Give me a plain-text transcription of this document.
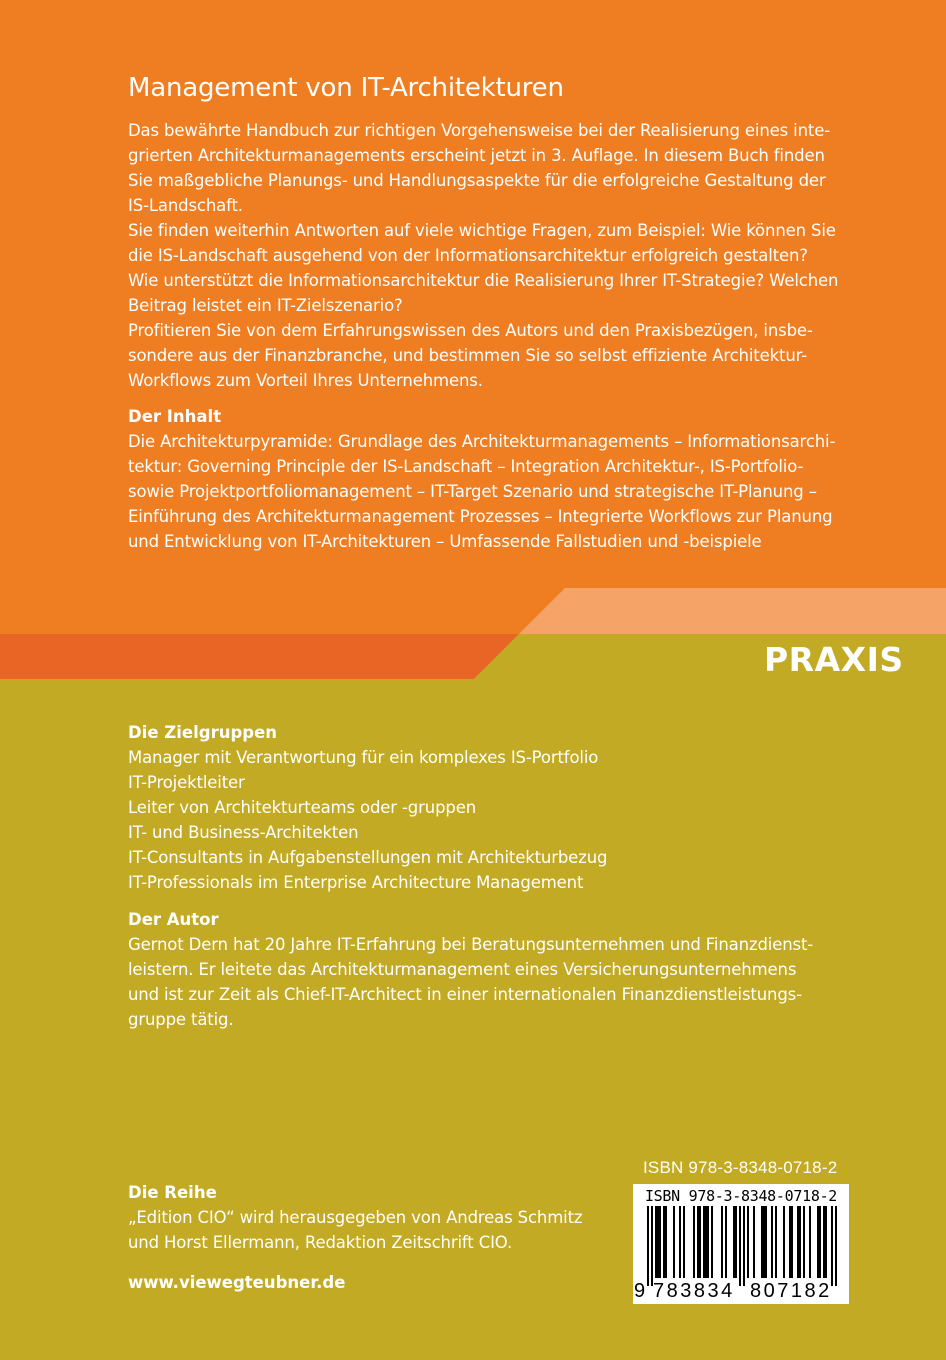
Management von IT-Architekturen
Das bewährte Handbuch zur richtigen Vorgehensweise bei der Realisierung eines inte-
grierten Architekturmanagements erscheint jetzt in 3. Auflage. In diesem Buch finden
Sie maßgebliche Planungs- und Handlungsaspekte für die erfolgreiche Gestaltung der
IS-Landschaft.
Sie finden weiterhin Antworten auf viele wichtige Fragen, zum Beispiel: Wie können Sie
die IS-Landschaft ausgehend von der Informationsarchitektur erfolgreich gestalten?
Wie unterstützt die Informationsarchitektur die Realisierung Ihrer IT-Strategie? Welchen
Beitrag leistet ein IT-Zielszenario?
Profitieren Sie von dem Erfahrungswissen des Autors und den Praxisbezügen, insbe-
sondere aus der Finanzbranche, und bestimmen Sie so selbst effiziente Architektur-
Workflows zum Vorteil Ihres Unternehmens.
Der Inhalt
Die Architekturpyramide: Grundlage des Architekturmanagements – Informationsarchi-
tektur: Governing Principle der IS-Landschaft – Integration Architektur-, IS-Portfolio-
sowie Projektportfoliomanagement – IT-Target Szenario und strategische IT-Planung –
Einführung des Architekturmanagement Prozesses – Integrierte Workflows zur Planung
und Entwicklung von IT-Architekturen – Umfassende Fallstudien und -beispiele
PRAXIS
Die Zielgruppen
Manager mit Verantwortung für ein komplexes IS-Portfolio
IT-Projektleiter
Leiter von Architekturteams oder -gruppen
IT- und Business-Architekten
IT-Consultants in Aufgabenstellungen mit Architekturbezug
IT-Professionals im Enterprise Architecture Management
Der Autor
Gernot Dern hat 20 Jahre IT-Erfahrung bei Beratungsunternehmen und Finanzdienst-
leistern. Er leitete das Architekturmanagement eines Versicherungsunternehmens
und ist zur Zeit als Chief-IT-Architect in einer internationalen Finanzdienstleistungs-
gruppe tätig.
Die Reihe
„Edition CIO“ wird herausgegeben von Andreas Schmitz
und Horst Ellermann, Redaktion Zeitschrift CIO.
www.viewegteubner.de
ISBN 978-3-8348-0718-2
ISBN 978-3-8348-0718-2
9 783834 807182
